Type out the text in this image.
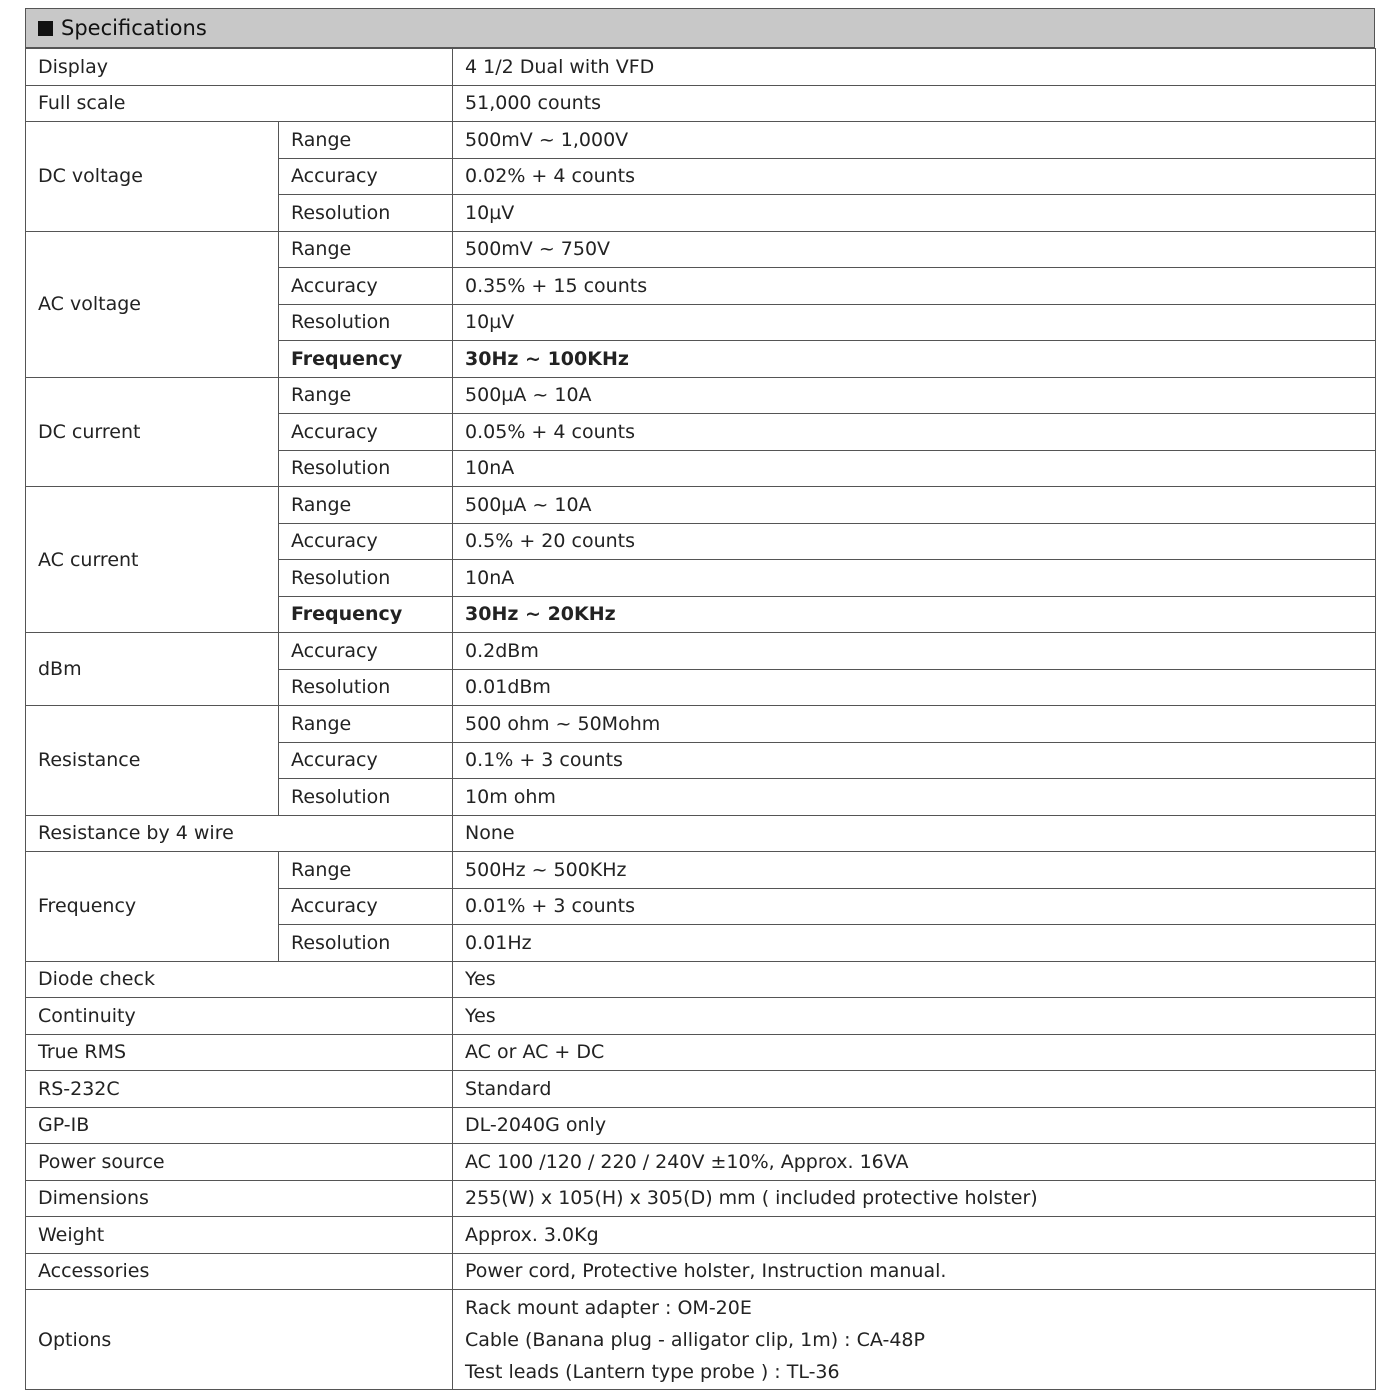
Specifications
Display		4 1/2 Dual with VFD
Full scale		51,000 counts
DC voltage	Range	500mV ~ 1,000V
	Accuracy	0.02% + 4 counts
	Resolution	10µV
AC voltage	Range	500mV ~ 750V
	Accuracy	0.35% + 15 counts
	Resolution	10µV
	Frequency	30Hz ~ 100KHz
DC current	Range	500µA ~ 10A
	Accuracy	0.05% + 4 counts
	Resolution	10nA
AC current	Range	500µA ~ 10A
	Accuracy	0.5% + 20 counts
	Resolution	10nA
	Frequency	30Hz ~ 20KHz
dBm	Accuracy	0.2dBm
	Resolution	0.01dBm
Resistance	Range	500 ohm ~ 50Mohm
	Accuracy	0.1% + 3 counts
	Resolution	10m ohm
Resistance by 4 wire		None
Frequency	Range	500Hz ~ 500KHz
	Accuracy	0.01% + 3 counts
	Resolution	0.01Hz
Diode check		Yes
Continuity		Yes
True RMS		AC or AC + DC
RS-232C		Standard
GP-IB		DL-2040G only
Power source		AC 100 /120 / 220 / 240V ±10%, Approx. 16VA
Dimensions		255(W) x 105(H) x 305(D) mm ( included protective holster)
Weight		Approx. 3.0Kg
Accessories		Power cord, Protective holster, Instruction manual.
Options		Rack mount adapter : OM-20E
Cable (Banana plug - alligator clip, 1m) : CA-48P
Test leads (Lantern type probe ) : TL-36
